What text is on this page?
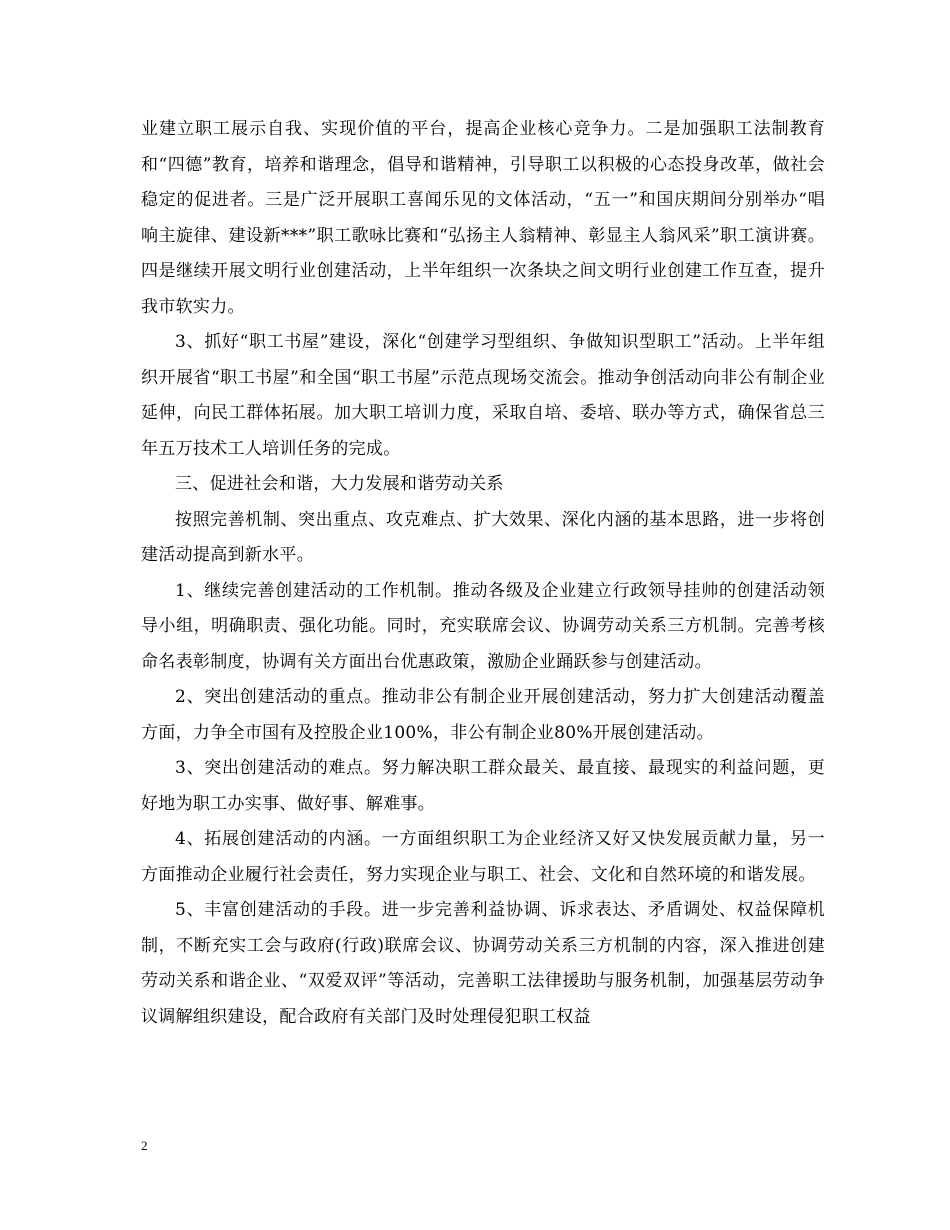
业建立职工展示自我、实现价值的平台，提高企业核心竞争力。二是加强职工法制教育和“四德”教育，培养和谐理念，倡导和谐精神，引导职工以积极的心态投身改革，做社会稳定的促进者。三是广泛开展职工喜闻乐见的文体活动，“五一”和国庆期间分别举办“唱响主旋律、建设新***”职工歌咏比赛和“弘扬主人翁精神、彰显主人翁风采”职工演讲赛。四是继续开展文明行业创建活动，上半年组织一次条块之间文明行业创建工作互查，提升我市软实力。

3、抓好“职工书屋”建设，深化“创建学习型组织、争做知识型职工”活动。上半年组织开展省“职工书屋”和全国“职工书屋”示范点现场交流会。推动争创活动向非公有制企业延伸，向民工群体拓展。加大职工培训力度，采取自培、委培、联办等方式，确保省总三年五万技术工人培训任务的完成。

三、促进社会和谐，大力发展和谐劳动关系

按照完善机制、突出重点、攻克难点、扩大效果、深化内涵的基本思路，进一步将创建活动提高到新水平。

1、继续完善创建活动的工作机制。推动各级及企业建立行政领导挂帅的创建活动领导小组，明确职责、强化功能。同时，充实联席会议、协调劳动关系三方机制。完善考核命名表彰制度，协调有关方面出台优惠政策，激励企业踊跃参与创建活动。

2、突出创建活动的重点。推动非公有制企业开展创建活动，努力扩大创建活动覆盖方面，力争全市国有及控股企业100%，非公有制企业80%开展创建活动。

3、突出创建活动的难点。努力解决职工群众最关、最直接、最现实的利益问题，更好地为职工办实事、做好事、解难事。

4、拓展创建活动的内涵。一方面组织职工为企业经济又好又快发展贡献力量，另一方面推动企业履行社会责任，努力实现企业与职工、社会、文化和自然环境的和谐发展。

5、丰富创建活动的手段。进一步完善利益协调、诉求表达、矛盾调处、权益保障机制，不断充实工会与政府(行政)联席会议、协调劳动关系三方机制的内容，深入推进创建劳动关系和谐企业、“双爱双评”等活动，完善职工法律援助与服务机制，加强基层劳动争议调解组织建设，配合政府有关部门及时处理侵犯职工权益

2
